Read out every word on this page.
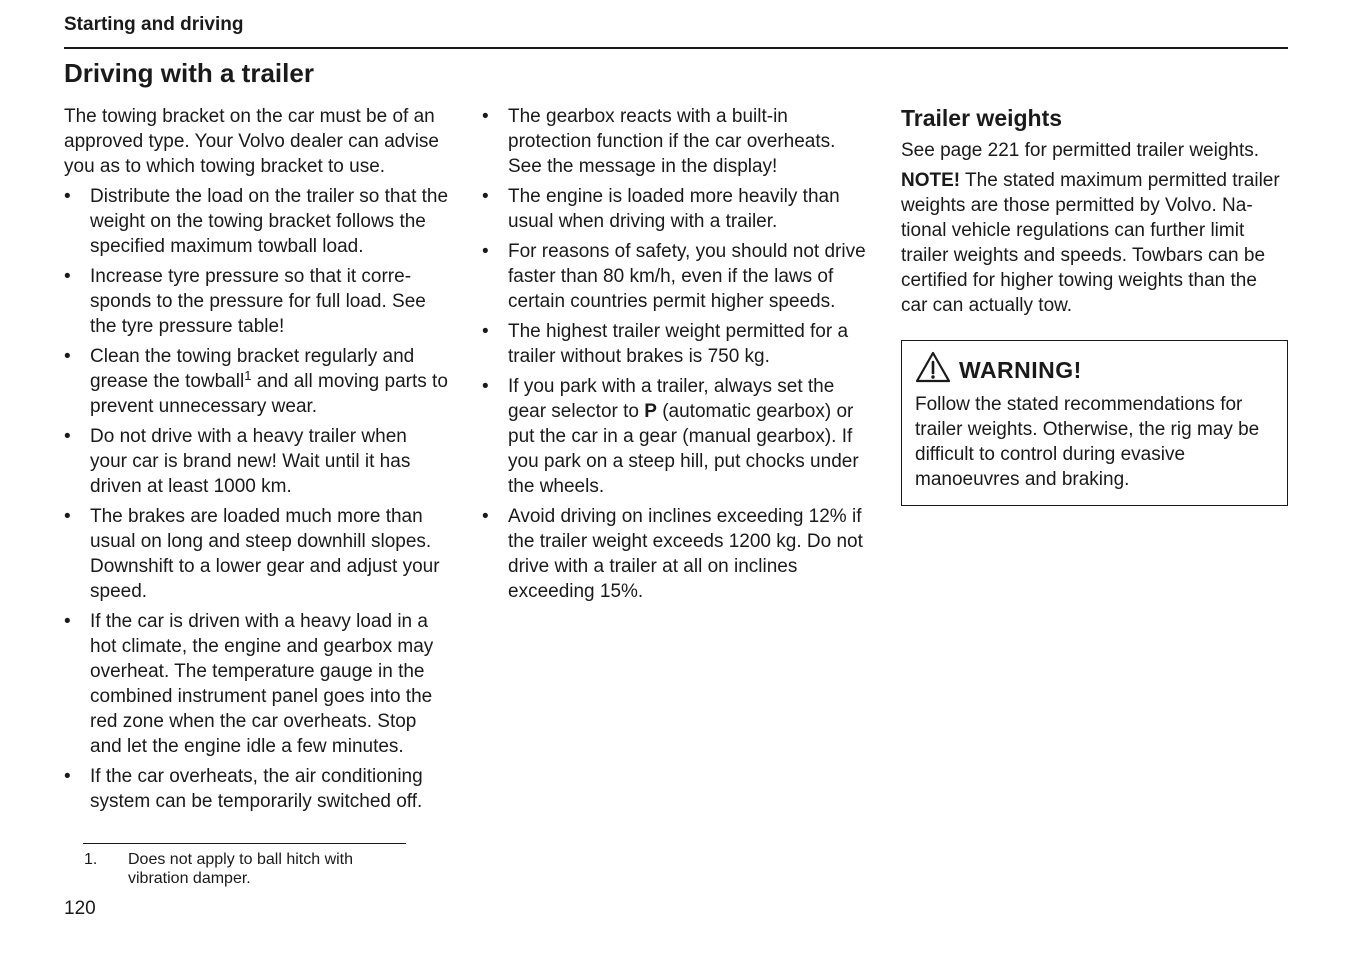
Starting and driving
Driving with a trailer

The towing bracket on the car must be of an approved type. Your Volvo dealer can advise you as to which towing bracket to use.

• Distribute the load on the trailer so that the weight on the towing bracket follows the specified maximum towball load.
• Increase tyre pressure so that it corre-sponds to the pressure for full load. See the tyre pressure table!
• Clean the towing bracket regularly and grease the towball$^1$ and all moving parts to prevent unnecessary wear.
• Do not drive with a heavy trailer when your car is brand new! Wait until it has driven at least 1000 km.
• The brakes are loaded much more than usual on long and steep downhill slopes. Downshift to a lower gear and adjust your speed.
• If the car is driven with a heavy load in a hot climate, the engine and gearbox may overheat. The temperature gauge in the combined instrument panel goes into the red zone when the car overheats. Stop and let the engine idle a few minutes.
• If the car overheats, the air conditioning system can be temporarily switched off.
• The gearbox reacts with a built-in protection function if the car overheats. See the message in the display!
• The engine is loaded more heavily than usual when driving with a trailer.
• For reasons of safety, you should not drive faster than 80 km/h, even if the laws of certain countries permit higher speeds.
• The highest trailer weight permitted for a trailer without brakes is 750 kg.
• If you park with a trailer, always set the gear selector to P (automatic gearbox) or put the car in a gear (manual gearbox). If you park on a steep hill, put chocks under the wheels.
• Avoid driving on inclines exceeding 12% if the trailer weight exceeds 1200 kg. Do not drive with a trailer at all on inclines exceeding 15%.
Trailer weights

See page 221 for permitted trailer weights.

NOTE! The stated maximum permitted trailer weights are those permitted by Volvo. Na-tional vehicle regulations can further limit trailer weights and speeds. Towbars can be certified for higher towing weights than the car can actually tow.

WARNING!
Follow the stated recommendations for trailer weights. Otherwise, the rig may be difficult to control during evasive manoeuvres and braking.
1. Does not apply to ball hitch with vibration damper.
120
